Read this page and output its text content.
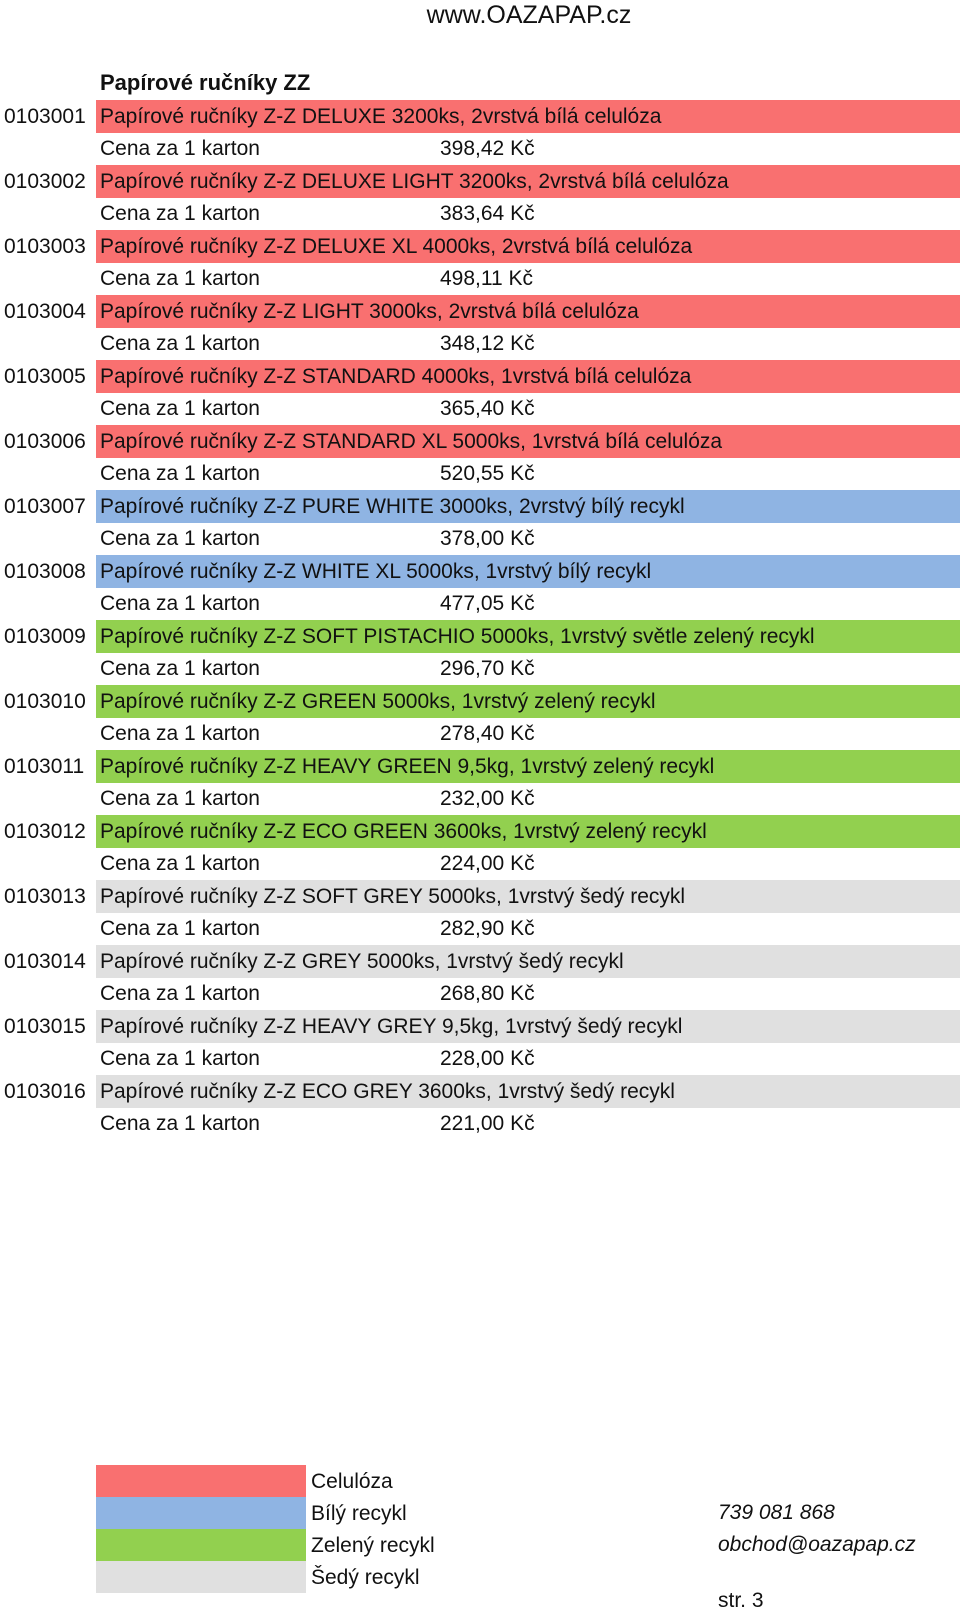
www.OAZAPAP.cz
Papírové ručníky ZZ
0103001 Papírové ručníky Z-Z DELUXE 3200ks, 2vrstvá bílá celulóza
Cena za 1 karton	398,42 Kč
0103002 Papírové ručníky Z-Z DELUXE LIGHT 3200ks, 2vrstvá bílá celulóza
Cena za 1 karton	383,64 Kč
0103003 Papírové ručníky Z-Z DELUXE XL 4000ks, 2vrstvá bílá celulóza
Cena za 1 karton	498,11 Kč
0103004 Papírové ručníky Z-Z LIGHT 3000ks, 2vrstvá bílá celulóza
Cena za 1 karton	348,12 Kč
0103005 Papírové ručníky Z-Z STANDARD 4000ks, 1vrstvá bílá celulóza
Cena za 1 karton	365,40 Kč
0103006 Papírové ručníky Z-Z STANDARD XL 5000ks, 1vrstvá bílá celulóza
Cena za 1 karton	520,55 Kč
0103007 Papírové ručníky Z-Z PURE WHITE 3000ks, 2vrstvý bílý recykl
Cena za 1 karton	378,00 Kč
0103008 Papírové ručníky Z-Z WHITE XL 5000ks, 1vrstvý bílý recykl
Cena za 1 karton	477,05 Kč
0103009 Papírové ručníky Z-Z SOFT PISTACHIO 5000ks, 1vrstvý světle zelený recykl
Cena za 1 karton	296,70 Kč
0103010 Papírové ručníky Z-Z GREEN 5000ks, 1vrstvý zelený recykl
Cena za 1 karton	278,40 Kč
0103011 Papírové ručníky Z-Z HEAVY GREEN 9,5kg, 1vrstvý zelený recykl
Cena za 1 karton	232,00 Kč
0103012 Papírové ručníky Z-Z ECO GREEN 3600ks, 1vrstvý zelený recykl
Cena za 1 karton	224,00 Kč
0103013 Papírové ručníky Z-Z SOFT GREY 5000ks, 1vrstvý šedý recykl
Cena za 1 karton	282,90 Kč
0103014 Papírové ručníky Z-Z GREY 5000ks, 1vrstvý šedý recykl
Cena za 1 karton	268,80 Kč
0103015 Papírové ručníky Z-Z HEAVY GREY 9,5kg, 1vrstvý šedý recykl
Cena za 1 karton	228,00 Kč
0103016 Papírové ručníky Z-Z ECO GREY 3600ks, 1vrstvý šedý recykl
Cena za 1 karton	221,00 Kč
Celulóza
Bílý recykl
Zelený recykl
Šedý recykl
739 081 868
obchod@oazapap.cz
str. 3
